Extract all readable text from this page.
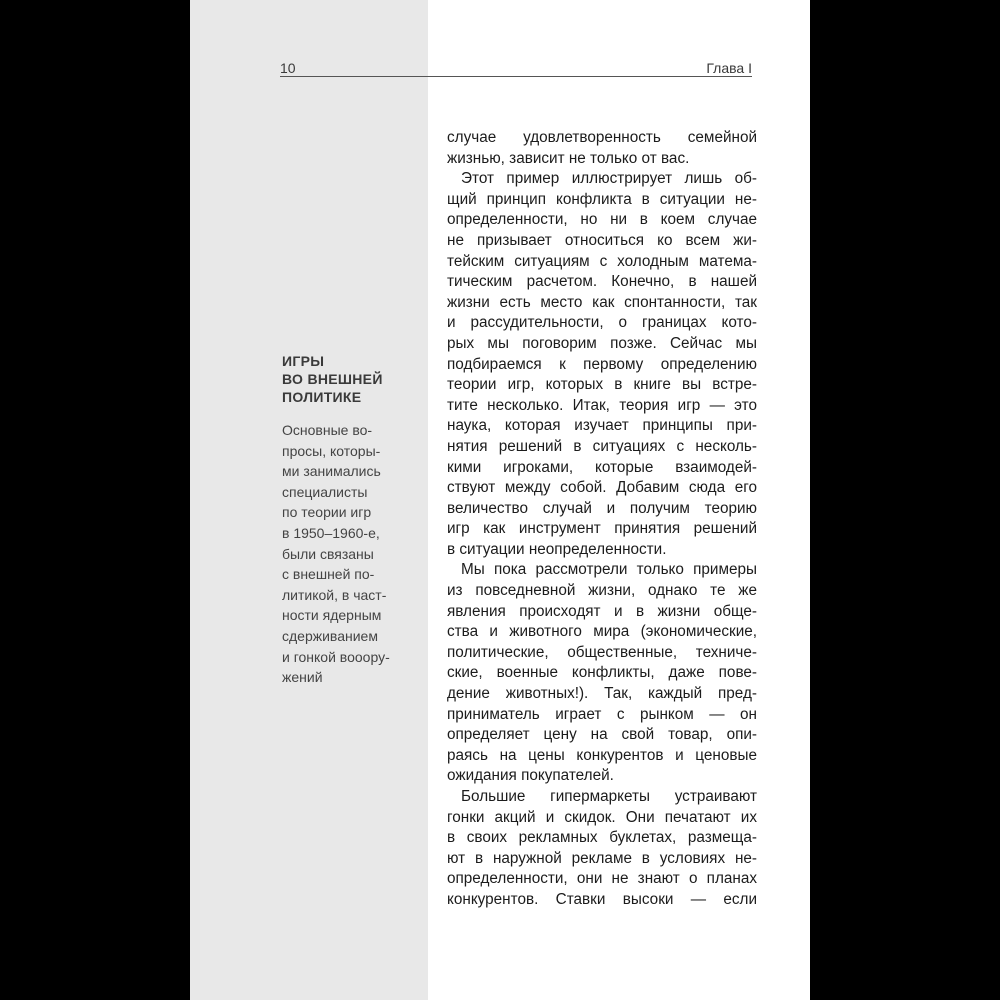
10	Глава I
ИГРЫ
ВО ВНЕШНЕЙ
ПОЛИТИКЕ
Основные во-
просы, которы-
ми занимались
специалисты
по теории игр
в 1950–1960-е,
были связаны
с внешней по-
литикой, в част-
ности ядерным
сдерживанием
и гонкой вооору-
жений
случае удовлетворенность семейной
жизнью, зависит не только от вас.
Этот пример иллюстрирует лишь об-
щий принцип конфликта в ситуации не-
определенности, но ни в коем случае
не призывает относиться ко всем жи-
тейским ситуациям с холодным матема-
тическим расчетом. Конечно, в нашей
жизни есть место как спонтанности, так
и рассудительности, о границах кото-
рых мы поговорим позже. Сейчас мы
подбираемся к первому определению
теории игр, которых в книге вы встре-
тите несколько. Итак, теория игр — это
наука, которая изучает принципы при-
нятия решений в ситуациях с несколь-
кими игроками, которые взаимодей-
ствуют между собой. Добавим сюда его
величество случай и получим теорию
игр как инструмент принятия решений
в ситуации неопределенности.
Мы пока рассмотрели только примеры
из повседневной жизни, однако те же
явления происходят и в жизни обще-
ства и животного мира (экономические,
политические, общественные, техниче-
ские, военные конфликты, даже пове-
дение животных!). Так, каждый пред-
приниматель играет с рынком — он
определяет цену на свой товар, опи-
раясь на цены конкурентов и ценовые
ожидания покупателей.
Большие гипермаркеты устраивают
гонки акций и скидок. Они печатают их
в своих рекламных буклетах, размеща-
ют в наружной рекламе в условиях не-
определенности, они не знают о планах
конкурентов. Ставки высоки — если
